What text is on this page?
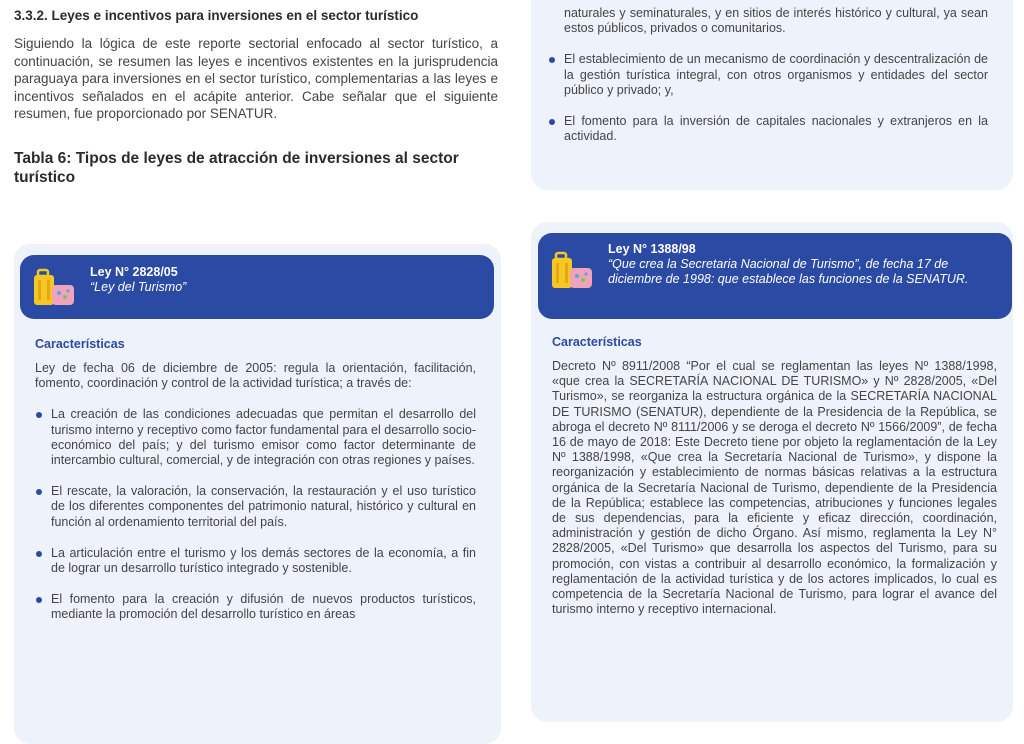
3.3.2. Leyes e incentivos para inversiones en el sector turístico

Siguiendo la lógica de este reporte sectorial enfocado al sector turístico, a continuación, se resumen las leyes e incentivos existentes en la jurisprudencia paraguaya para inversiones en el sector turístico, complementarias a las leyes e incentivos señalados en el acápite anterior. Cabe señalar que el siguiente resumen, fue proporcionado por SENATUR.

Tabla 6: Tipos de leyes de atracción de inversiones al sector turístico

Ley N° 2828/05
“Ley del Turismo”

Características

Ley de fecha 06 de diciembre de 2005: regula la orientación, facilitación, fomento, coordinación y control de la actividad turística; a través de:

La creación de las condiciones adecuadas que permitan el desarrollo del turismo interno y receptivo como factor fundamental para el desarrollo socio-económico del país; y del turismo emisor como factor determinante de intercambio cultural, comercial, y de integración con otras regiones y países.
El rescate, la valoración, la conservación, la restauración y el uso turístico de los diferentes componentes del patrimonio natural, histórico y cultural en función al ordenamiento territorial del país.
La articulación entre el turismo y los demás sectores de la economía, a fin de lograr un desarrollo turístico integrado y sostenible.
El fomento para la creación y difusión de nuevos productos turísticos, mediante la promoción del desarrollo turístico en áreas

naturales y seminaturales, y en sitios de interés histórico y cultural, ya sean estos públicos, privados o comunitarios.

El establecimiento de un mecanismo de coordinación y descentralización de la gestión turística integral, con otros organismos y entidades del sector público y privado; y,
El fomento para la inversión de capitales nacionales y extranjeros en la actividad.
Ley N° 1388/98
“Que crea la Secretaria Nacional de Turismo”, de fecha 17 de diciembre de 1998: que establece las funciones de la SENATUR.

Características

Decreto Nº 8911/2008 “Por el cual se reglamentan las leyes Nº 1388/1998, «que crea la SECRETARÍA NACIONAL DE TURISMO» y Nº 2828/2005, «Del Turismo», se reorganiza la estructura orgánica de la SECRETARÍA NACIONAL DE TURISMO (SENATUR), dependiente de la Presidencia de la República, se abroga el decreto Nº 8111/2006 y se deroga el decreto Nº 1566/2009”, de fecha 16 de mayo de 2018: Este Decreto tiene por objeto la reglamentación de la Ley Nº 1388/1998, «Que crea la Secretaría Nacional de Turismo», y dispone la reorganización y establecimiento de normas básicas relativas a la estructura orgánica de la Secretaría Nacional de Turismo, dependiente de la Presidencia de la República; establece las competencias, atribuciones y funciones legales de sus dependencias, para la eficiente y eficaz dirección, coordinación, administración y gestión de dicho Órgano. Así mismo, reglamenta la Ley N° 2828/2005, «Del Turismo» que desarrolla los aspectos del Turismo, para su promoción, con vistas a contribuir al desarrollo económico, la formalización y reglamentación de la actividad turística y de los actores implicados, lo cual es competencia de la Secretaría Nacional de Turismo, para lograr el avance del turismo interno y receptivo internacional.
